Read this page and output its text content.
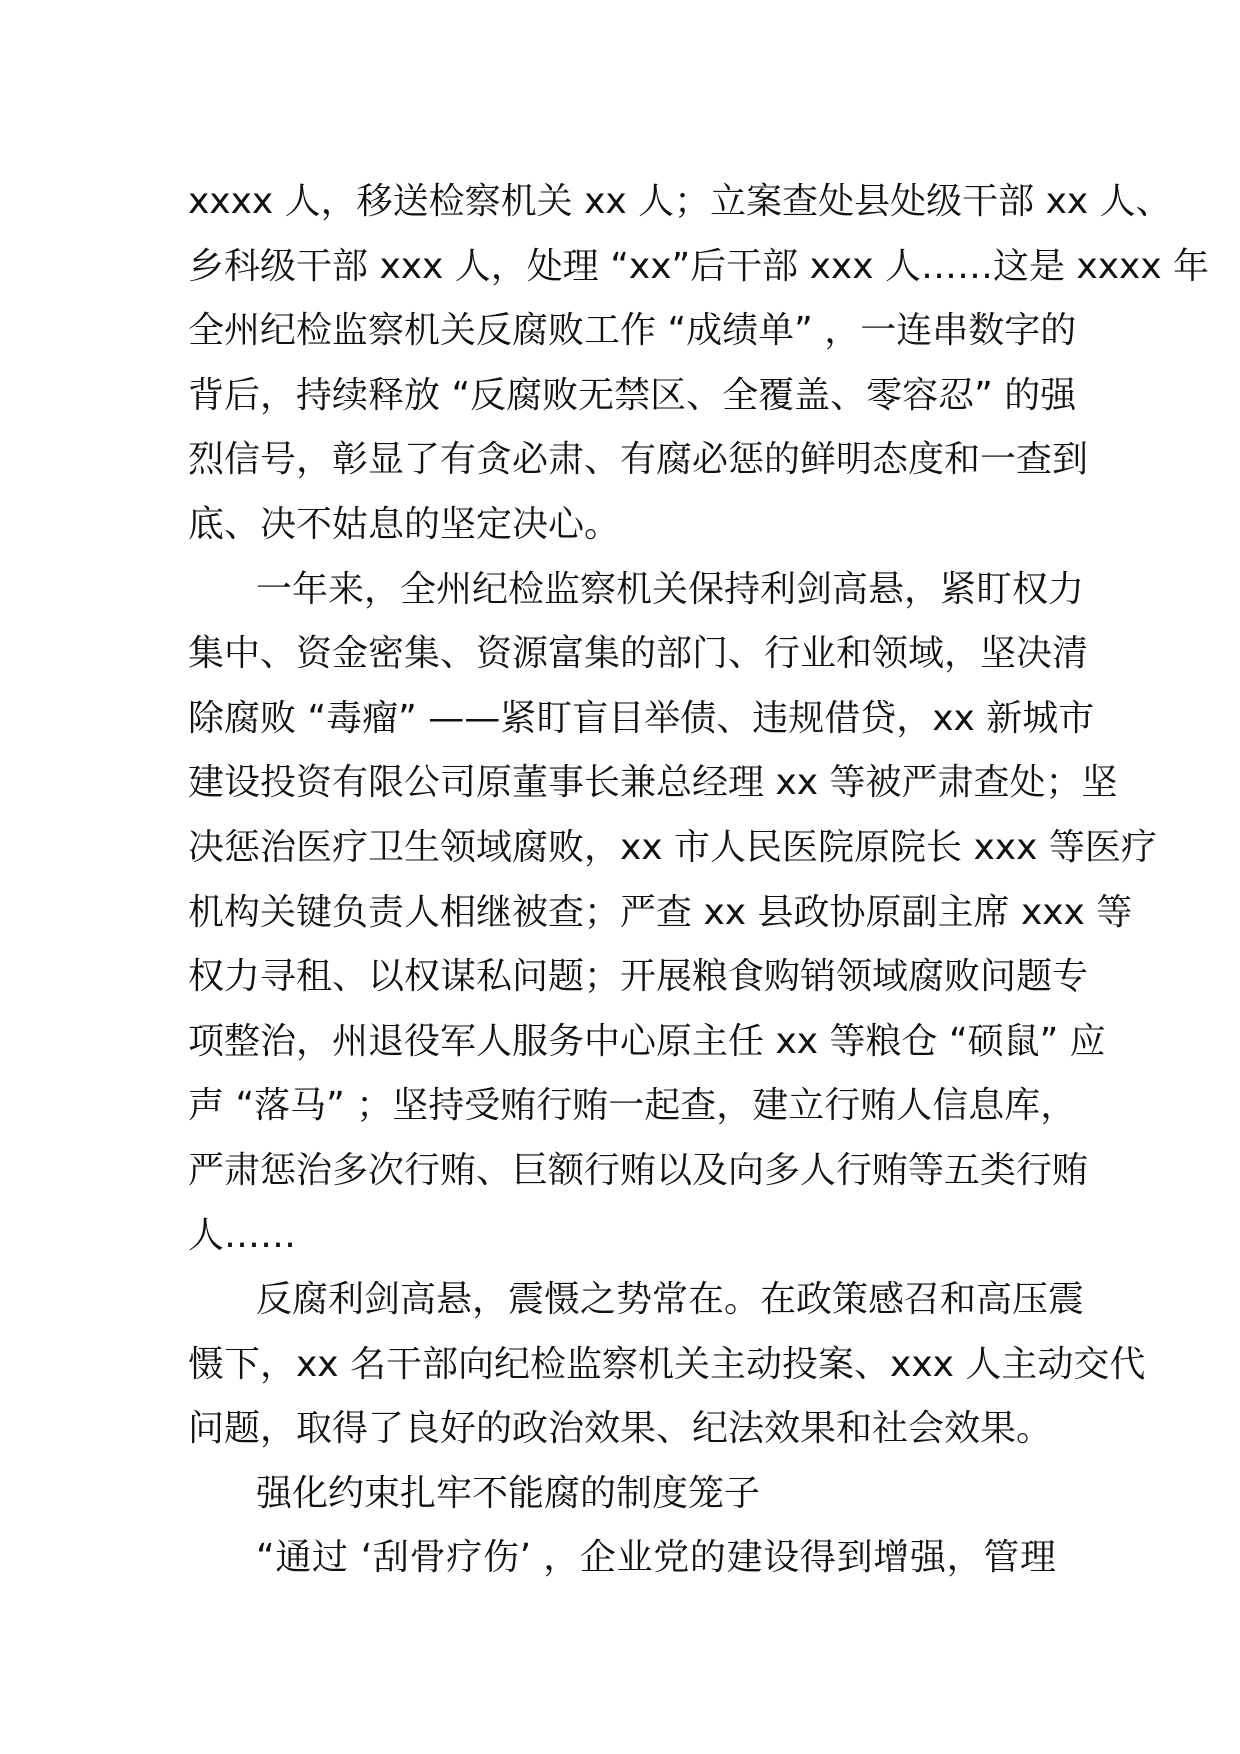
xxxx 人，移送检察机关 xx 人；立案查处县处级干部 xx 人、
乡科级干部 xxx 人，处理 “xx”后干部 xxx 人……这是 xxxx 年
全州纪检监察机关反腐败工作 “成绩单” ，一连串数字的
背后，持续释放 “反腐败无禁区、全覆盖、零容忍” 的强
烈信号，彰显了有贪必肃、有腐必惩的鲜明态度和一查到
底、决不姑息的坚定决心。
一年来，全州纪检监察机关保持利剑高悬，紧盯权力
集中、资金密集、资源富集的部门、行业和领域，坚决清
除腐败 “毒瘤” ——紧盯盲目举债、违规借贷，xx 新城市
建设投资有限公司原董事长兼总经理 xx 等被严肃查处；坚
决惩治医疗卫生领域腐败，xx 市人民医院原院长 xxx 等医疗
机构关键负责人相继被查；严查 xx 县政协原副主席 xxx 等
权力寻租、以权谋私问题；开展粮食购销领域腐败问题专
项整治，州退役军人服务中心原主任 xx 等粮仓 “硕鼠” 应
声 “落马” ；坚持受贿行贿一起查，建立行贿人信息库，
严肃惩治多次行贿、巨额行贿以及向多人行贿等五类行贿
人……
反腐利剑高悬，震慑之势常在。在政策感召和高压震
慑下，xx 名干部向纪检监察机关主动投案、xxx 人主动交代
问题，取得了良好的政治效果、纪法效果和社会效果。
强化约束扎牢不能腐的制度笼子
“通过 ‘刮骨疗伤’ ，企业党的建设得到增强，管理
